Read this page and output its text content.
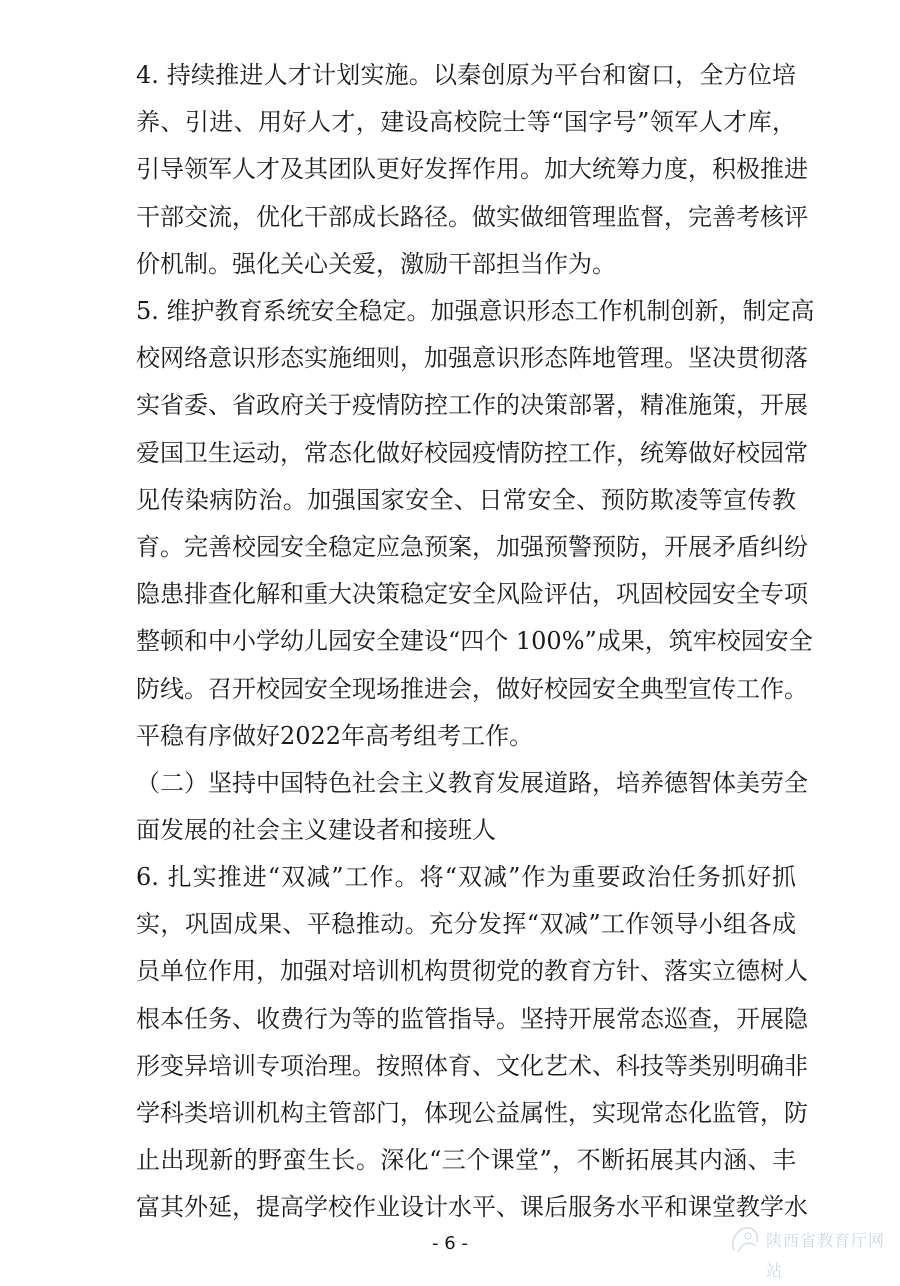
4. 持续推进人才计划实施。以秦创原为平台和窗口，全方位培
养、引进、用好人才，建设高校院士等“国字号”领军人才库，
引导领军人才及其团队更好发挥作用。加大统筹力度，积极推进
干部交流，优化干部成长路径。做实做细管理监督，完善考核评
价机制。强化关心关爱，激励干部担当作为。
5. 维护教育系统安全稳定。加强意识形态工作机制创新，制定高
校网络意识形态实施细则，加强意识形态阵地管理。坚决贯彻落
实省委、省政府关于疫情防控工作的决策部署，精准施策，开展
爱国卫生运动，常态化做好校园疫情防控工作，统筹做好校园常
见传染病防治。加强国家安全、日常安全、预防欺凌等宣传教
育。完善校园安全稳定应急预案，加强预警预防，开展矛盾纠纷
隐患排查化解和重大决策稳定安全风险评估，巩固校园安全专项
整顿和中小学幼儿园安全建设“四个 100%”成果，筑牢校园安全
防线。召开校园安全现场推进会，做好校园安全典型宣传工作。
平稳有序做好2022年高考组考工作。
（二）坚持中国特色社会主义教育发展道路，培养德智体美劳全
面发展的社会主义建设者和接班人
6. 扎实推进“双减”工作。将“双减”作为重要政治任务抓好抓
实，巩固成果、平稳推动。充分发挥“双减”工作领导小组各成
员单位作用，加强对培训机构贯彻党的教育方针、落实立德树人
根本任务、收费行为等的监管指导。坚持开展常态巡查，开展隐
形变异培训专项治理。按照体育、文化艺术、科技等类别明确非
学科类培训机构主管部门，体现公益属性，实现常态化监管，防
止出现新的野蛮生长。深化“三个课堂”，不断拓展其内涵、丰
富其外延，提高学校作业设计水平、课后服务水平和课堂教学水
- 6 -	陕西省教育厅网站
